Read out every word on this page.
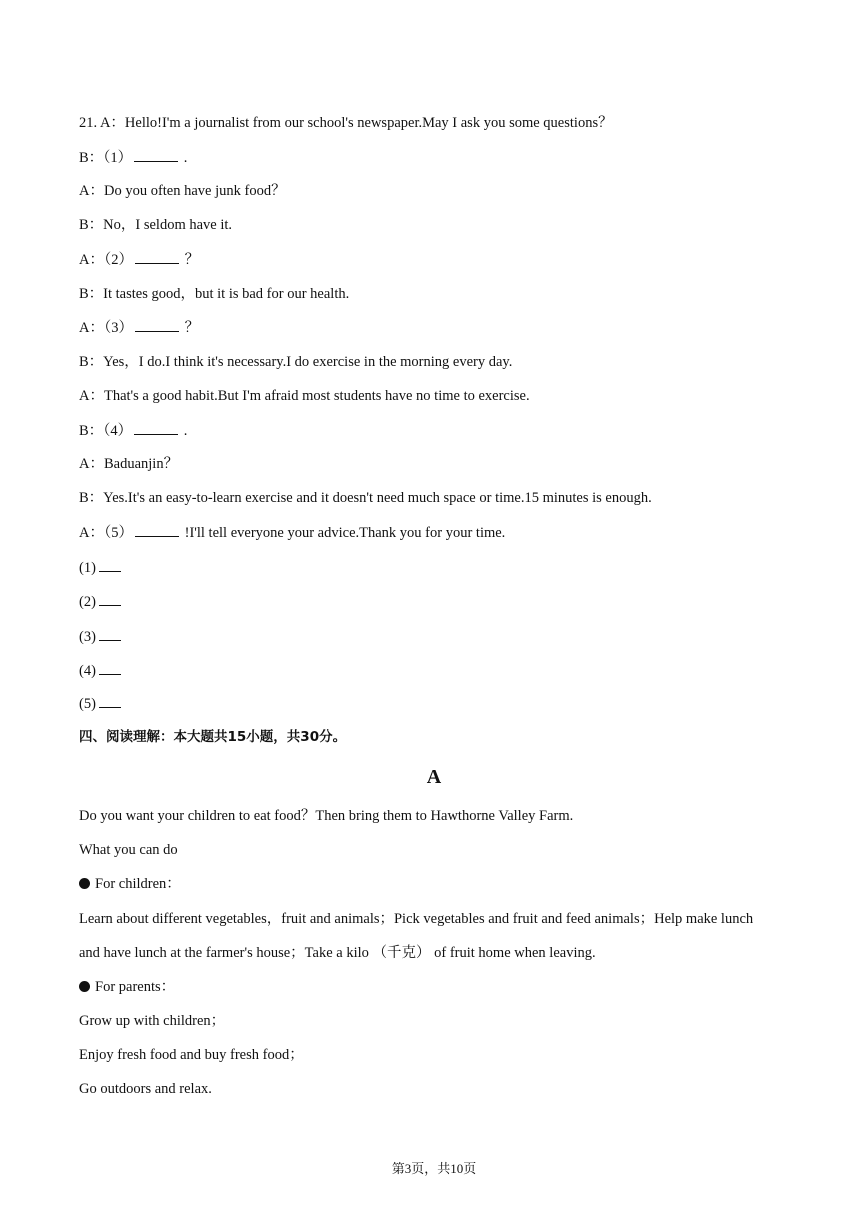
21. A：Hello!I'm a journalist from our school's newspaper.May I ask you some questions？
B：（1）	.
A：Do you often have junk food？
B：No，I seldom have it.
A：（2）	？
B：It tastes good，but it is bad for our health.
A：（3）	？
B：Yes，I do.I think it's necessary.I do exercise in the morning every day.
A：That's a good habit.But I'm afraid most students have no time to exercise.
B：（4）	.
A：Baduanjin？
B：Yes.It's an easy-to-learn exercise and it doesn't need much space or time.15 minutes is enough.
A：（5）	!I'll tell everyone your advice.Thank you for your time.
(1)
(2)
(3)
(4)
(5)
四、阅读理解：本大题共15小题，共30分。
A
Do you want your children to eat food？Then bring them to Hawthorne Valley Farm.
What you can do
For children：
Learn about different vegetables，fruit and animals；Pick vegetables and fruit and feed animals；Help make lunch
and have lunch at the farmer's house；Take a kilo （千克） of fruit home when leaving.
For parents：
Grow up with children；
Enjoy fresh food and buy fresh food；
Go outdoors and relax.
第3页，共10页
